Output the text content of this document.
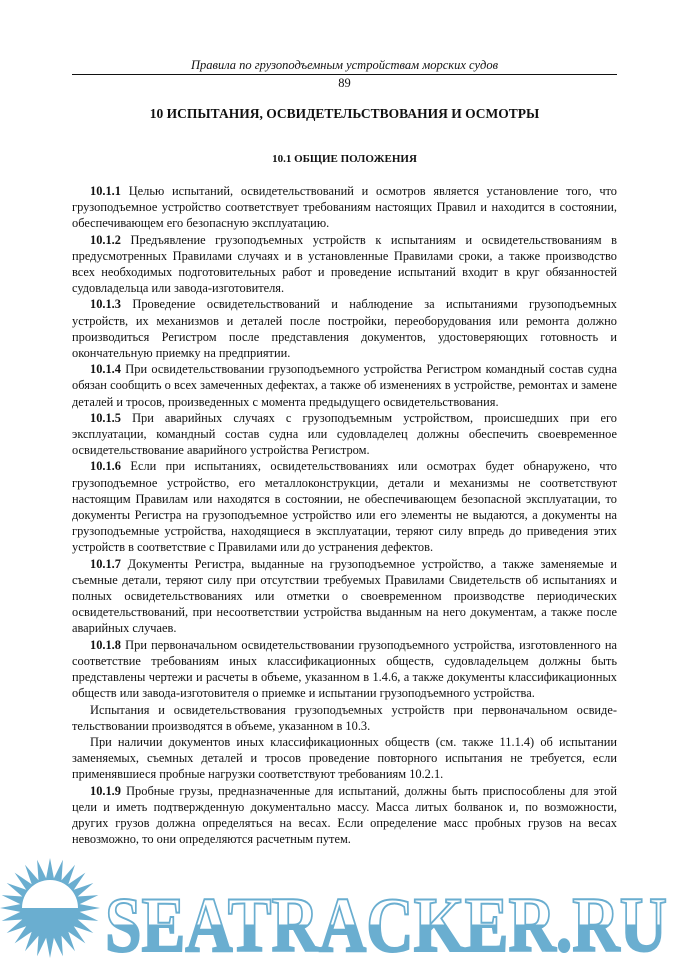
Правила по грузоподъемным устройствам морских судов
89
10 ИСПЫТАНИЯ, ОСВИДЕТЕЛЬСТВОВАНИЯ И ОСМОТРЫ
10.1 ОБЩИЕ ПОЛОЖЕНИЯ

10.1.1 Целью испытаний, освидетельствований и осмотров является установление того, что грузоподъемное устройство соответствует требованиям настоящих Правил и находится в состоянии, обеспечивающем его безопасную эксплуатацию.

10.1.2 Предъявление грузоподъемных устройств к испытаниям и освидетельствованиям в предусмотренных Правилами случаях и в установленные Правилами сроки, а также производство всех необходимых подготовительных работ и проведение испытаний входит в круг обязанностей судовладельца или завода-изготовителя.

10.1.3 Проведение освидетельствований и наблюдение за испытаниями грузоподъемных устройств, их механизмов и деталей после постройки, переоборудования или ремонта должно производиться Регистром после представления документов, удостоверяющих готовность и окончательную приемку на предприятии.

10.1.4 При освидетельствовании грузоподъемного устройства Регистром командный состав судна обязан сообщить о всех замеченных дефектах, а также об изменениях в устройстве, ремонтах и замене деталей и тросов, произведенных с момента предыдущего освидетельствования.

10.1.5 При аварийных случаях с грузоподъемным устройством, происшедших при его эксплуатации, командный состав судна или судовладелец должны обеспечить своевременное освидетельствование аварийного устройства Регистром.

10.1.6 Если при испытаниях, освидетельствованиях или осмотрах будет обнаружено, что грузоподъемное устройство, его металлоконструкции, детали и механизмы не соответствуют настоящим Правилам или находятся в состоянии, не обеспечивающем безопасной эксплуатации, то документы Регистра на грузоподъемное устройство или его элементы не выдаются, а документы на грузоподъемные устройства, находящиеся в эксплуатации, теряют силу впредь до приведения этих устройств в соответствие с Правилами или до устранения дефектов.

10.1.7 Документы Регистра, выданные на грузоподъемное устройство, а также заменяемые и съемные детали, теряют силу при отсутствии требуемых Правилами Свидетельств об испытаниях и полных освидетельствованиях или отметки о своевременном производстве периодических освидетельствований, при несоответствии устройства выданным на него документам, а также после аварийных случаев.

10.1.8 При первоначальном освидетельствовании грузоподъемного устройства, изготовленного на соответствие требованиям иных классификационных обществ, судовладельцем должны быть представлены чертежи и расчеты в объеме, указанном в 1.4.6, а также документы классификационных обществ или завода-изготовителя о приемке и испытании грузоподъемного устройства.

Испытания и освидетельствования грузоподъемных устройств при первоначальном освидетельствовании производятся в объеме, указанном в 10.3.

При наличии документов иных классификационных обществ (см. также 11.1.4) об испытании заменяемых, съемных деталей и тросов проведение повторного испытания не требуется, если применявшиеся пробные нагрузки соответствуют требованиям 10.2.1.

10.1.9 Пробные грузы, предназначенные для испытаний, должны быть приспособлены для этой цели и иметь подтвержденную документально массу. Масса литых болванок и, по возможности, других грузов должна определяться на весах. Если определение масс пробных грузов на весах невозможно, то они определяются расчетным путем.

SEATRACKER.RU
